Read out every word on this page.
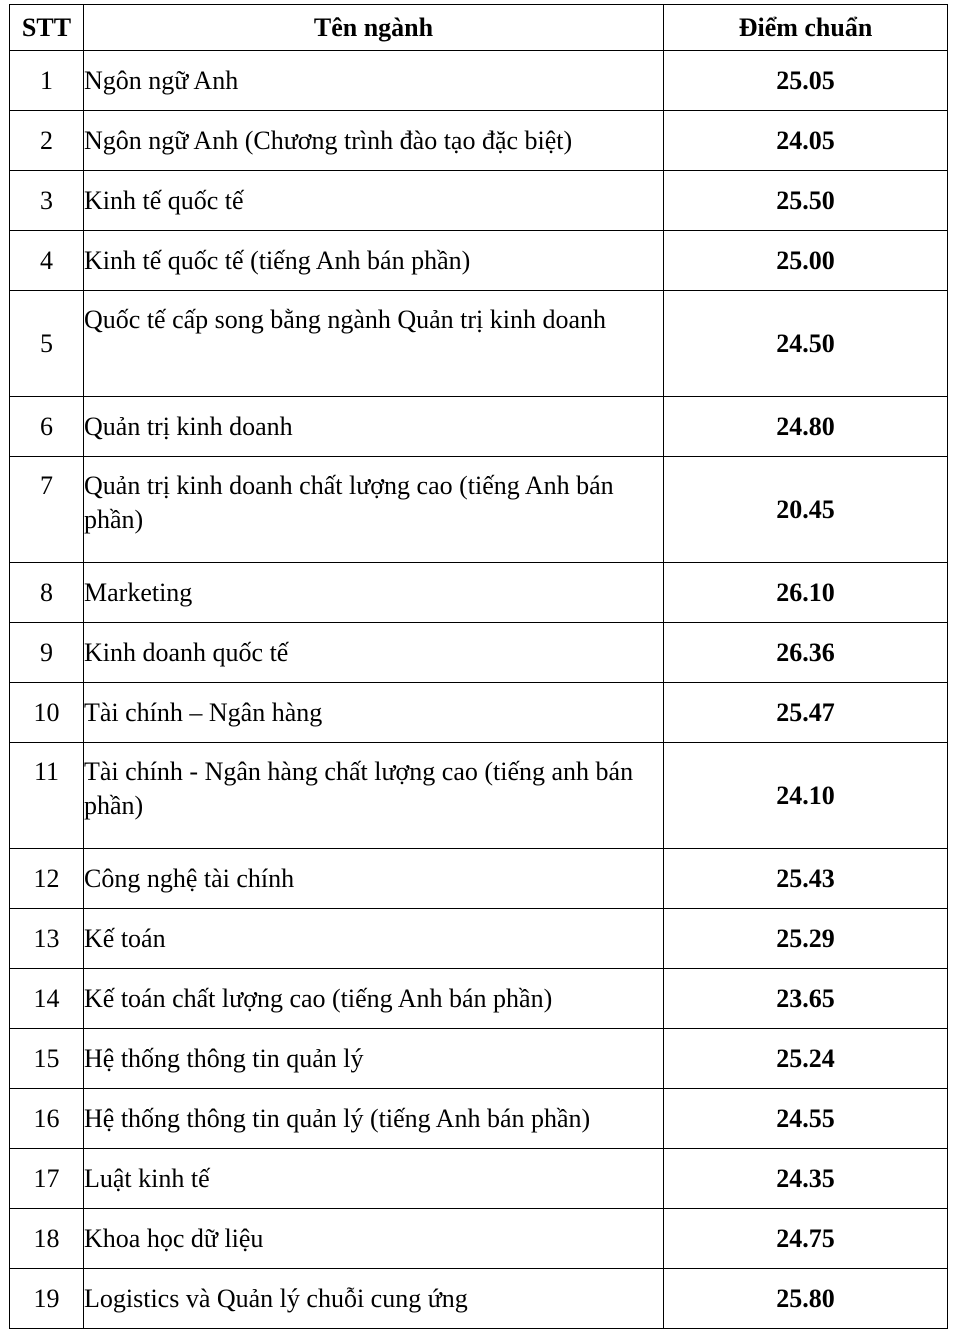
STT	Tên ngành	Điểm chuẩn
1	Ngôn ngữ Anh	25.05
2	Ngôn ngữ Anh (Chương trình đào tạo đặc biệt)	24.05
3	Kinh tế quốc tế	25.50
4	Kinh tế quốc tế (tiếng Anh bán phần)	25.00
5	Quốc tế cấp song bằng ngành Quản trị kinh doanh	24.50
6	Quản trị kinh doanh	24.80
7	Quản trị kinh doanh chất lượng cao (tiếng Anh bán phần)	20.45
8	Marketing	26.10
9	Kinh doanh quốc tế	26.36
10	Tài chính – Ngân hàng	25.47
11	Tài chính - Ngân hàng chất lượng cao (tiếng anh bán phần)	24.10
12	Công nghệ tài chính	25.43
13	Kế toán	25.29
14	Kế toán chất lượng cao (tiếng Anh bán phần)	23.65
15	Hệ thống thông tin quản lý	25.24
16	Hệ thống thông tin quản lý (tiếng Anh bán phần)	24.55
17	Luật kinh tế	24.35
18	Khoa học dữ liệu	24.75
19	Logistics và Quản lý chuỗi cung ứng	25.80
